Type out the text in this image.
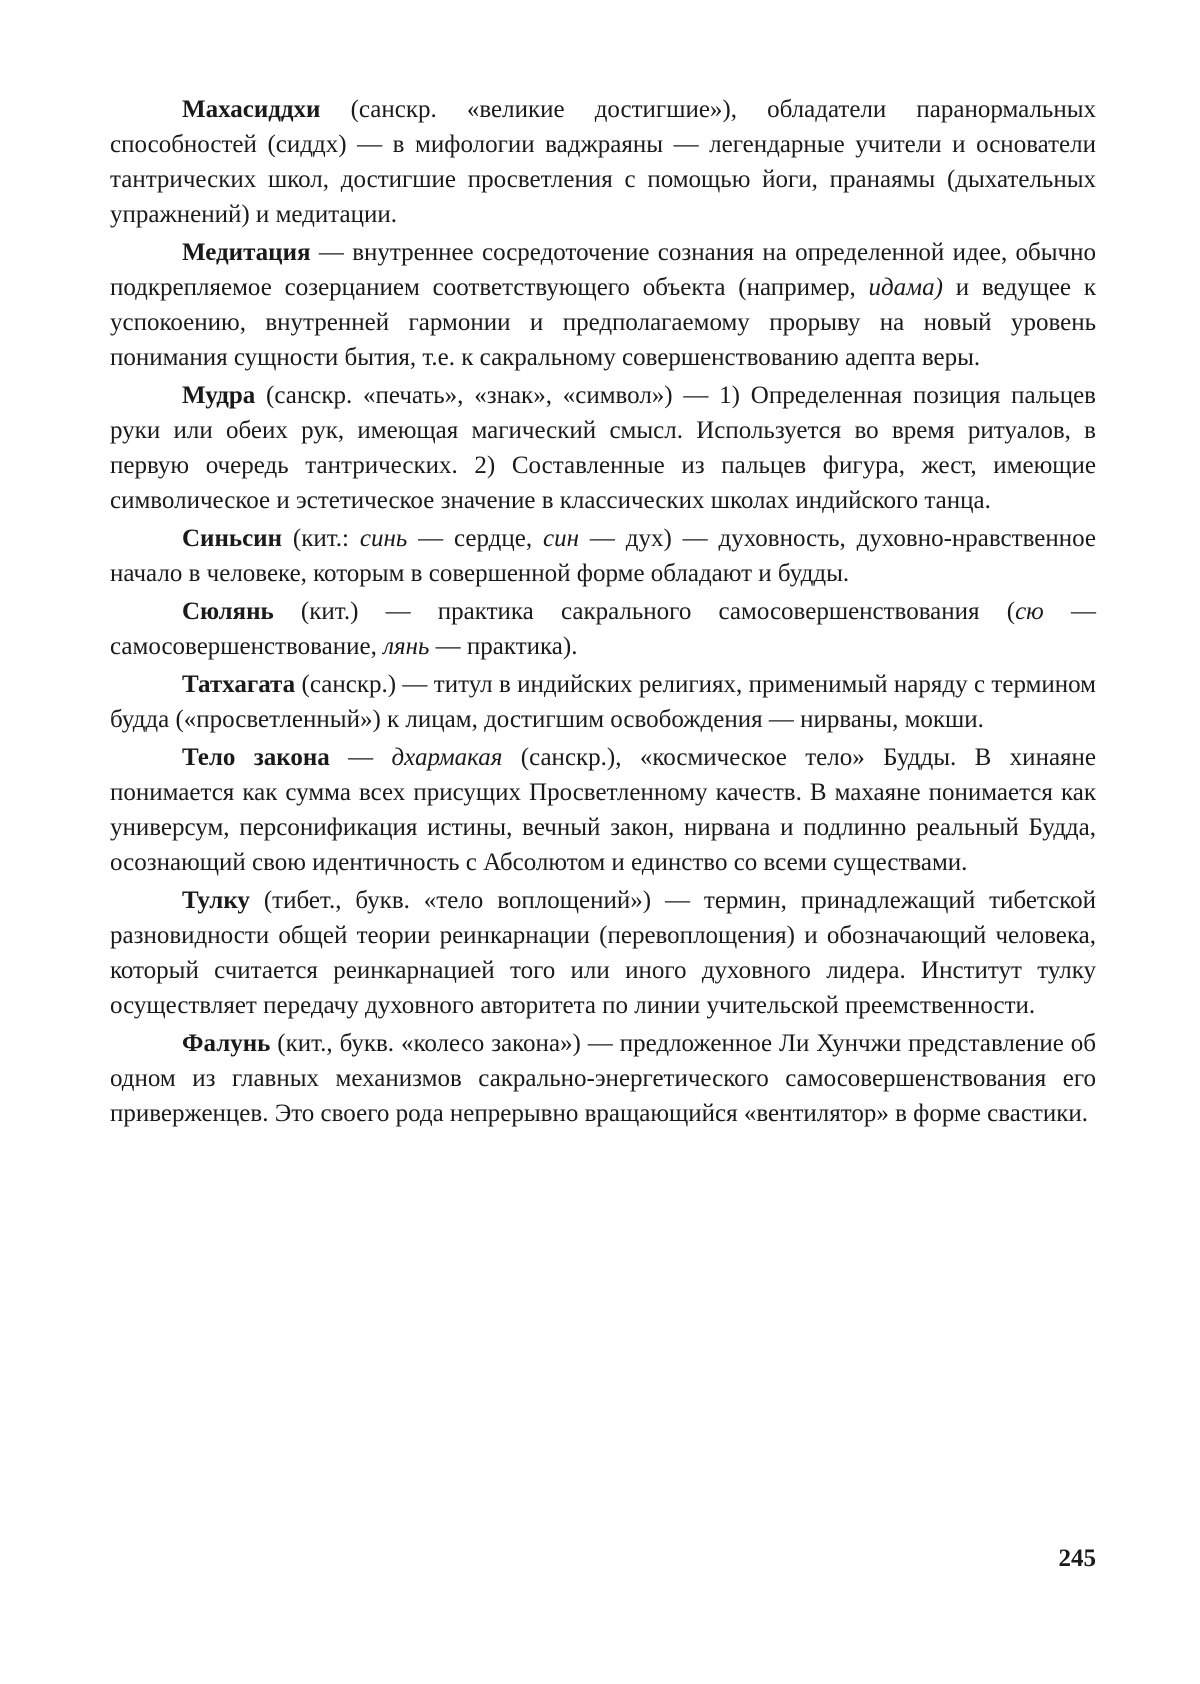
Махасиддхи (санскр. «великие достигшие»), обладатели паранормальных способностей (сиддх) — в мифологии ваджраяны — легендарные учители и основатели тантрических школ, достигшие просветления с помощью йоги, пранаямы (дыхательных упражнений) и медитации.

Медитация — внутреннее сосредоточение сознания на определенной идее, обычно подкрепляемое созерцанием соответствующего объекта (например, идама) и ведущее к успокоению, внутренней гармонии и предполагаемому прорыву на новый уровень понимания сущности бытия, т.е. к сакральному совершенствованию адепта веры.

Мудра (санскр. «печать», «знак», «символ») — 1) Определенная позиция пальцев руки или обеих рук, имеющая магический смысл. Используется во время ритуалов, в первую очередь тантрических. 2) Составленные из пальцев фигура, жест, имеющие символическое и эстетическое значение в классических школах индийского танца.

Синьсин (кит.: синь — сердце, син — дух) — духовность, духовно-нравственное начало в человеке, которым в совершенной форме обладают и будды.

Сюлянь (кит.) — практика сакрального самосовершенствования (сю — самосовершенствование, лянь — практика).

Татхагата (санскр.) — титул в индийских религиях, применимый наряду с термином будда («просветленный») к лицам, достигшим освобождения — нирваны, мокши.

Тело закона — дхармакая (санскр.), «космическое тело» Будды. В хинаяне понимается как сумма всех присущих Просветленному качеств. В махаяне понимается как универсум, персонификация истины, вечный закон, нирвана и подлинно реальный Будда, осознающий свою идентичность с Абсолютом и единство со всеми существами.

Тулку (тибет., букв. «тело воплощений») — термин, принадлежащий тибетской разновидности общей теории реинкарнации (перевоплощения) и обозначающий человека, который считается реинкарнацией того или иного духовного лидера. Институт тулку осуществляет передачу духовного авторитета по линии учительской преемственности.

Фалунь (кит., букв. «колесо закона») — предложенное Ли Хунчжи представление об одном из главных механизмов сакрально-энергетического самосовершенствования его приверженцев. Это своего рода непрерывно вращающийся «вентилятор» в форме свастики.

245
